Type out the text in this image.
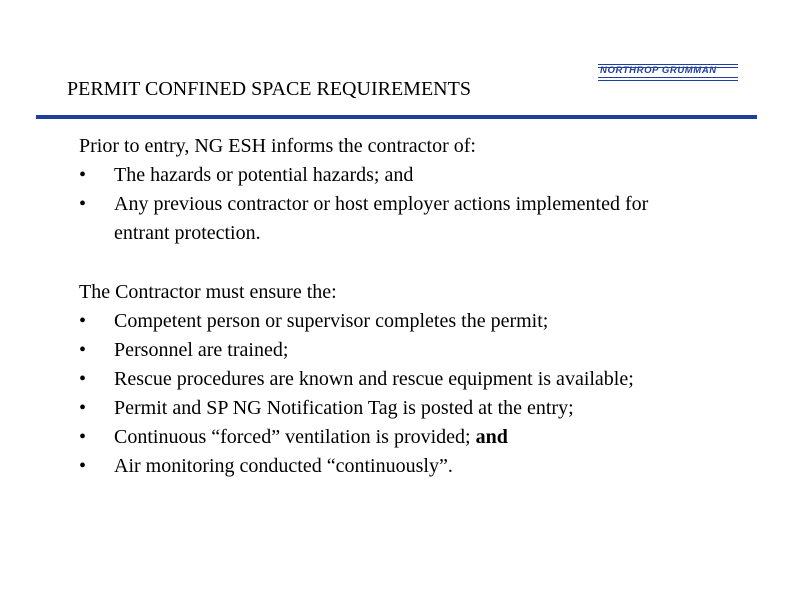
NORTHROP GRUMMAN
PERMIT CONFINED SPACE REQUIREMENTS
Prior to entry, NG ESH informs the contractor of:
• The hazards or potential hazards; and
• Any previous contractor or host employer actions implemented for entrant protection.
The Contractor must ensure the:
• Competent person or supervisor completes the permit;
• Personnel are trained;
• Rescue procedures are known and rescue equipment is available;
• Permit and SP NG Notification Tag is posted at the entry;
• Continuous “forced” ventilation is provided; and
• Air monitoring conducted “continuously”.
